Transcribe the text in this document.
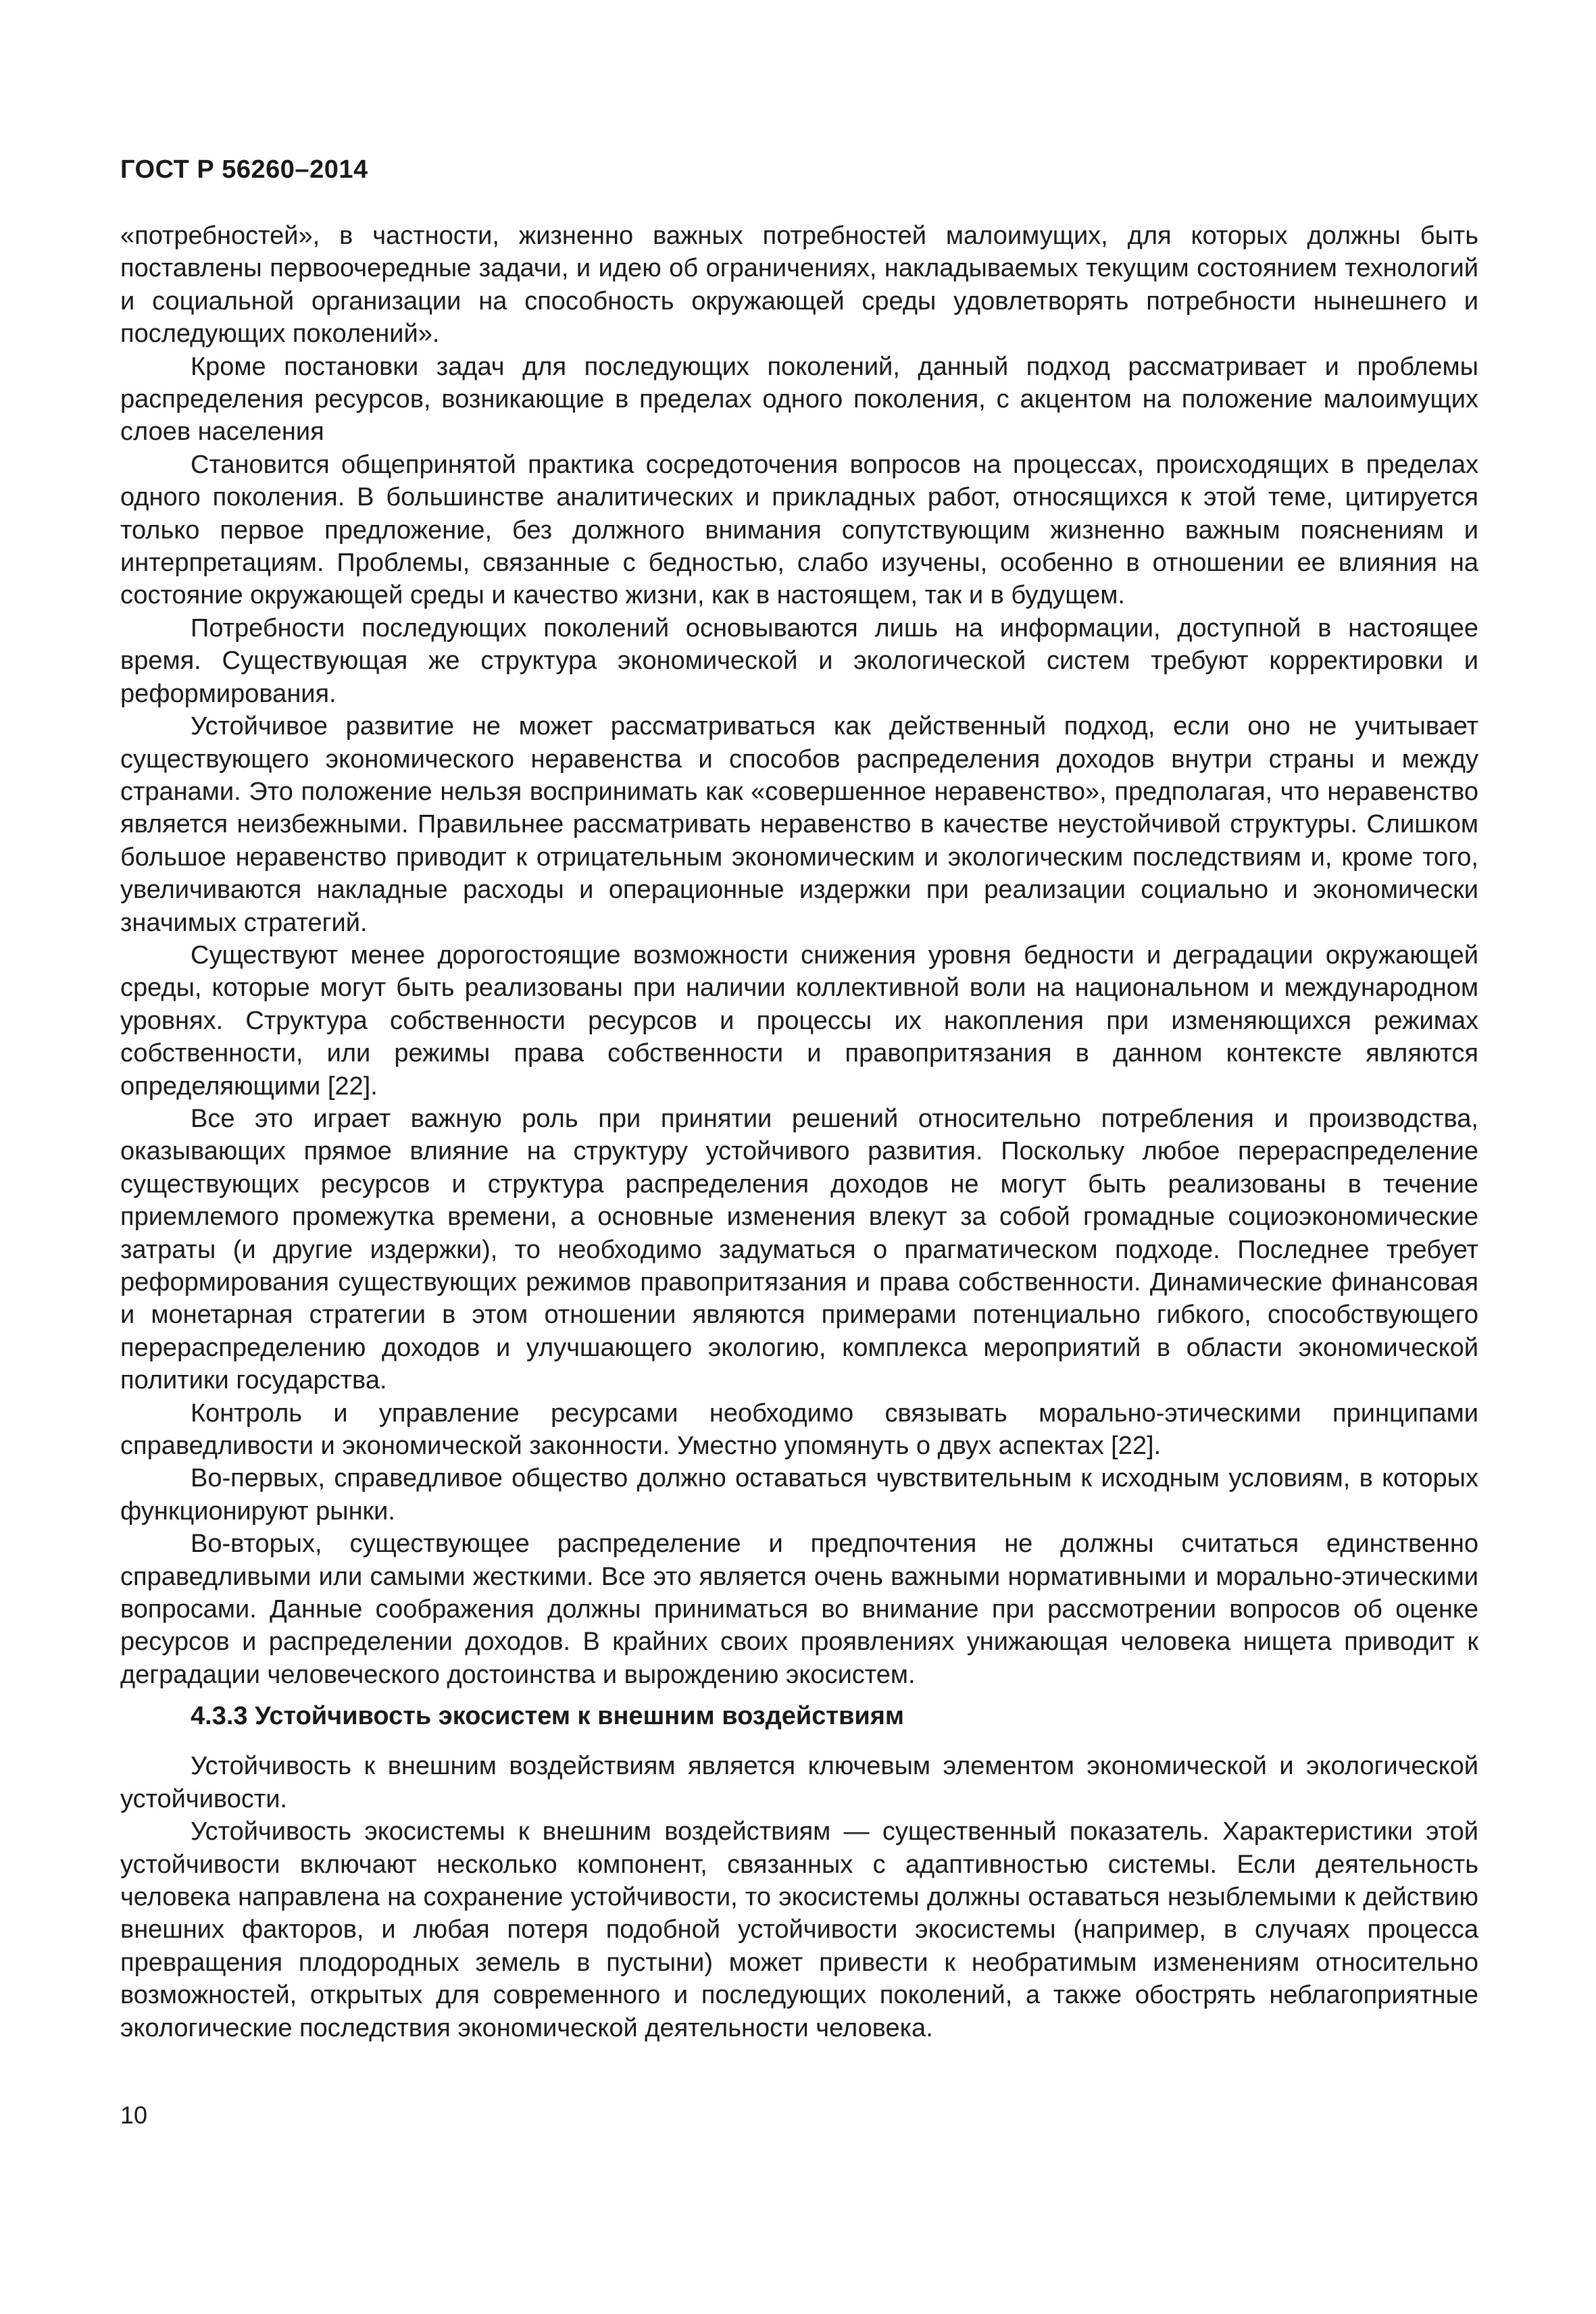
ГОСТ Р 56260–2014

«потребностей», в частности, жизненно важных потребностей малоимущих, для которых должны быть поставлены первоочередные задачи, и идею об ограничениях, накладываемых текущим состоянием технологий и социальной организации на способность окружающей среды удовлетворять потребности нынешнего и последующих поколений».

Кроме постановки задач для последующих поколений, данный подход рассматривает и проблемы распределения ресурсов, возникающие в пределах одного поколения, с акцентом на положение малоимущих слоев населения

Становится общепринятой практика сосредоточения вопросов на процессах, происходящих в пределах одного поколения. В большинстве аналитических и прикладных работ, относящихся к этой теме, цитируется только первое предложение, без должного внимания сопутствующим жизненно важным пояснениям и интерпретациям. Проблемы, связанные с бедностью, слабо изучены, особенно в отношении ее влияния на состояние окружающей среды и качество жизни, как в настоящем, так и в будущем.

Потребности последующих поколений основываются лишь на информации, доступной в настоящее время. Существующая же структура экономической и экологической систем требуют корректировки и реформирования.

Устойчивое развитие не может рассматриваться как действенный подход, если оно не учитывает существующего экономического неравенства и способов распределения доходов внутри страны и между странами. Это положение нельзя воспринимать как «совершенное неравенство», предполагая, что неравенство является неизбежными. Правильнее рассматривать неравенство в качестве неустойчивой структуры. Слишком большое неравенство приводит к отрицательным экономическим и экологическим последствиям и, кроме того, увеличиваются накладные расходы и операционные издержки при реализации социально и экономически значимых стратегий.

Существуют менее дорогостоящие возможности снижения уровня бедности и деградации окружающей среды, которые могут быть реализованы при наличии коллективной воли на национальном и международном уровнях. Структура собственности ресурсов и процессы их накопления при изменяющихся режимах собственности, или режимы права собственности и правопритязания в данном контексте являются определяющими [22].

Все это играет важную роль при принятии решений относительно потребления и производства, оказывающих прямое влияние на структуру устойчивого развития. Поскольку любое перераспределение существующих ресурсов и структура распределения доходов не могут быть реализованы в течение приемлемого промежутка времени, а основные изменения влекут за собой громадные социоэкономические затраты (и другие издержки), то необходимо задуматься о прагматическом подходе. Последнее требует реформирования существующих режимов правопритязания и права собственности. Динамические финансовая и монетарная стратегии в этом отношении являются примерами потенциально гибкого, способствующего перераспределению доходов и улучшающего экологию, комплекса мероприятий в области экономической политики государства.

Контроль и управление ресурсами необходимо связывать морально-этическими принципами справедливости и экономической законности. Уместно упомянуть о двух аспектах [22].

Во-первых, справедливое общество должно оставаться чувствительным к исходным условиям, в которых функционируют рынки.

Во-вторых, существующее распределение и предпочтения не должны считаться единственно справедливыми или самыми жесткими. Все это является очень важными нормативными и морально-этическими вопросами. Данные соображения должны приниматься во внимание при рассмотрении вопросов об оценке ресурсов и распределении доходов. В крайних своих проявлениях унижающая человека нищета приводит к деградации человеческого достоинства и вырождению экосистем.

4.3.3 Устойчивость экосистем к внешним воздействиям

Устойчивость к внешним воздействиям является ключевым элементом экономической и экологической устойчивости.

Устойчивость экосистемы к внешним воздействиям — существенный показатель. Характеристики этой устойчивости включают несколько компонент, связанных с адаптивностью системы. Если деятельность человека направлена на сохранение устойчивости, то экосистемы должны оставаться незыблемыми к действию внешних факторов, и любая потеря подобной устойчивости экосистемы (например, в случаях процесса превращения плодородных земель в пустыни) может привести к необратимым изменениям относительно возможностей, открытых для современного и последующих поколений, а также обострять неблагоприятные экологические последствия экономической деятельности человека.

10
